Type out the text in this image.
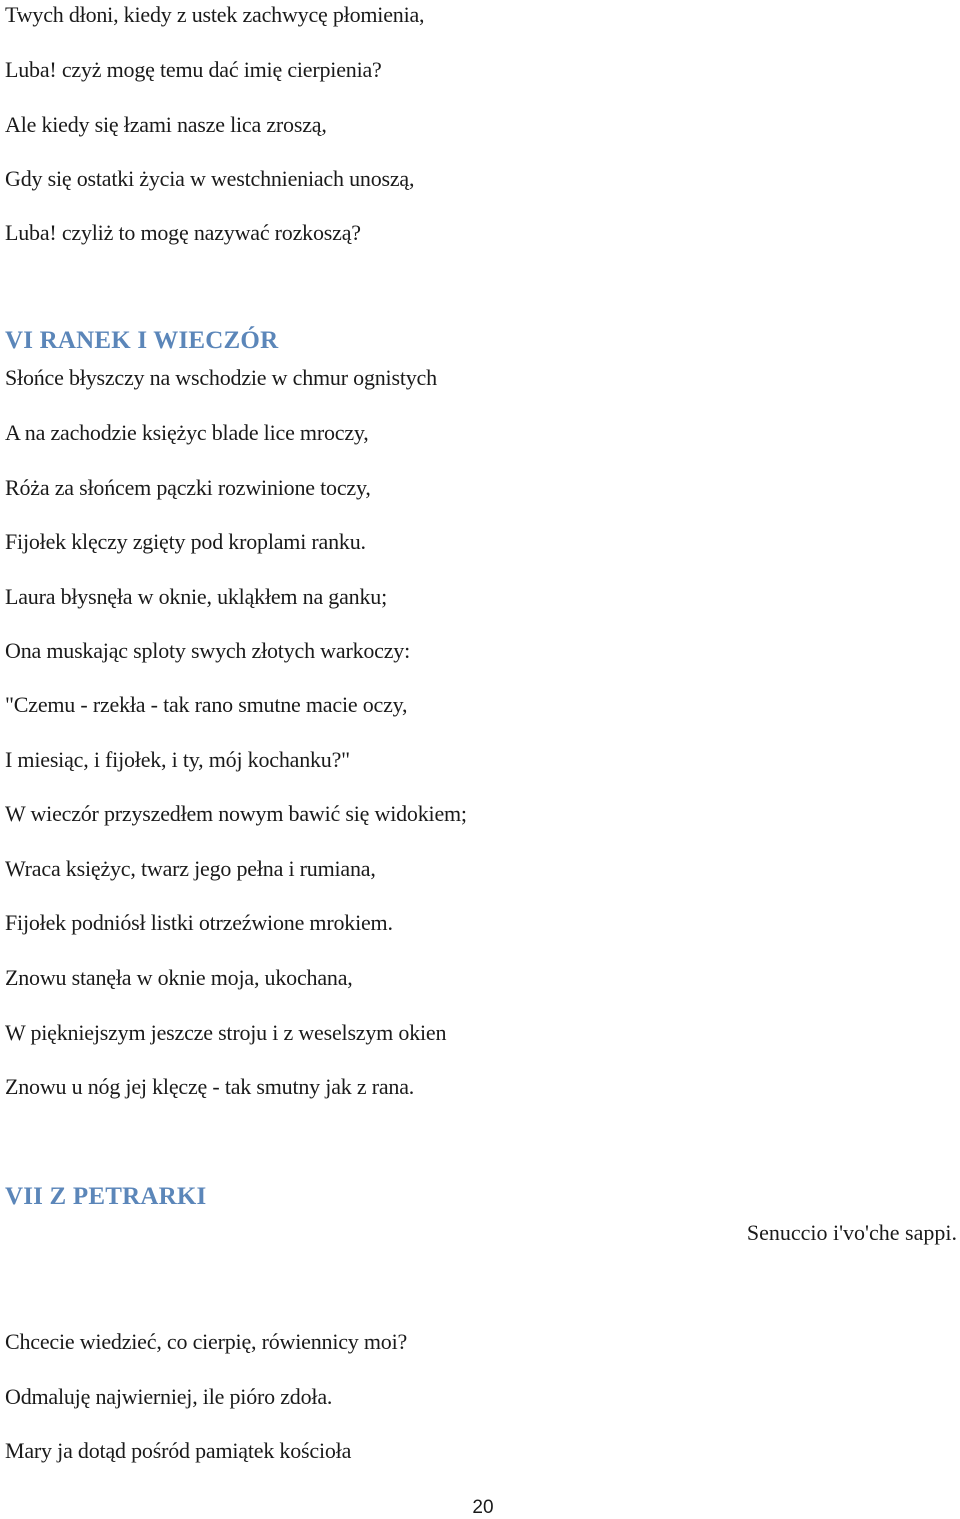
Twych dłoni, kiedy z ustek zachwycę płomienia,
Luba! czyż mogę temu dać imię cierpienia?
Ale kiedy się łzami nasze lica zroszą,
Gdy się ostatki życia w westchnieniach unoszą,
Luba! czyliż to mogę nazywać rozkoszą?
VI RANEK I WIECZÓR
Słońce błyszczy na wschodzie w chmur ognistych
A na zachodzie księżyc blade lice mroczy,
Róża za słońcem pączki rozwinione toczy,
Fijołek klęczy zgięty pod kroplami ranku.
Laura błysnęła w oknie, ukląkłem na ganku;
Ona muskając sploty swych złotych warkoczy:
"Czemu - rzekła - tak rano smutne macie oczy,
I miesiąc, i fijołek, i ty, mój kochanku?"
W wieczór przyszedłem nowym bawić się widokiem;
Wraca księżyc, twarz jego pełna i rumiana,
Fijołek podniósł listki otrzeźwione mrokiem.
Znowu stanęła w oknie moja, ukochana,
W piękniejszym jeszcze stroju i z weselszym okien
Znowu u nóg jej klęczę - tak smutny jak z rana.
VII Z PETRARKI
Senuccio i'vo'che sappi.
Chcecie wiedzieć, co cierpię, rówiennicy moi?
Odmaluję najwierniej, ile pióro zdoła.
Mary ja dotąd pośród pamiątek kościoła
20
